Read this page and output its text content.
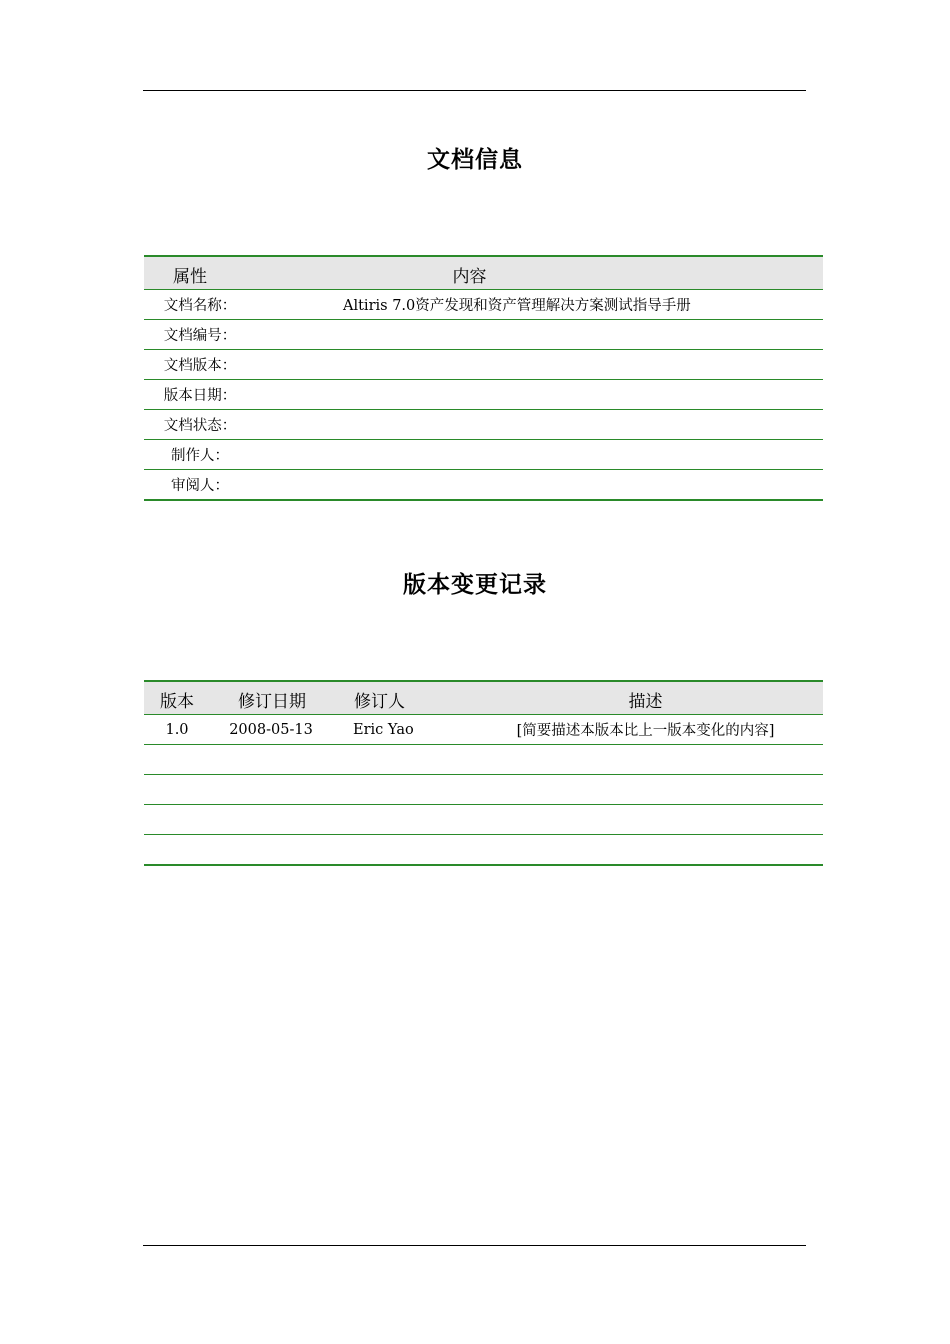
文档信息
属性	内容
文档名称：	Altiris 7.0资产发现和资产管理解决方案测试指导手册
文档编号：	
文档版本：	
版本日期：	
文档状态：	
制作人：	
审阅人：	
版本变更记录
版本	修订日期	修订人	描述
1.0	2008-05-13	Eric Yao	[简要描述本版本比上一版本变化的内容]
